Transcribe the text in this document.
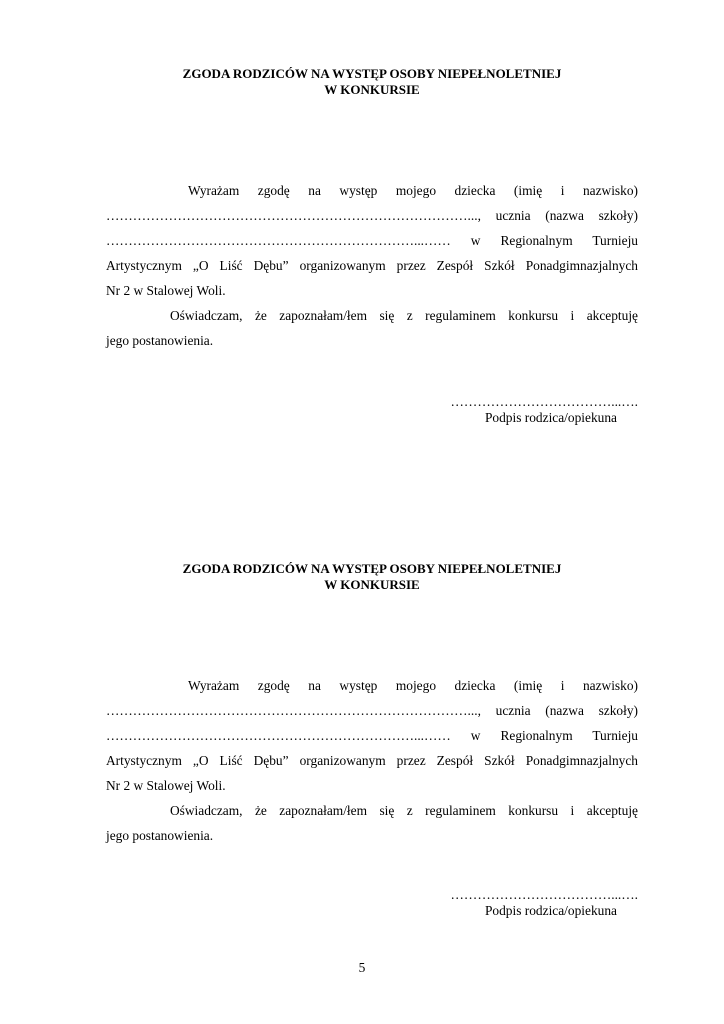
ZGODA RODZICÓW NA WYSTĘP OSOBY NIEPEŁNOLETNIEJ
W KONKURSIE
Wyrażam zgodę na występ mojego dziecka (imię i nazwisko)
………………………………………………………………………..., ucznia (nazwa szkoły)
……………………………………………………………...…… w Regionalnym Turnieju
Artystycznym „O Liść Dębu” organizowanym przez Zespół Szkół Ponadgimnazjalnych
Nr 2 w Stalowej Woli.
Oświadczam, że zapoznałam/łem się z regulaminem konkursu i akceptuję
jego postanowienia.
………………………………...….
Podpis rodzica/opiekuna
ZGODA RODZICÓW NA WYSTĘP OSOBY NIEPEŁNOLETNIEJ
W KONKURSIE
Wyrażam zgodę na występ mojego dziecka (imię i nazwisko)
………………………………………………………………………..., ucznia (nazwa szkoły)
……………………………………………………………...…… w Regionalnym Turnieju
Artystycznym „O Liść Dębu” organizowanym przez Zespół Szkół Ponadgimnazjalnych
Nr 2 w Stalowej Woli.
Oświadczam, że zapoznałam/łem się z regulaminem konkursu i akceptuję
jego postanowienia.
………………………………...….
Podpis rodzica/opiekuna
5
